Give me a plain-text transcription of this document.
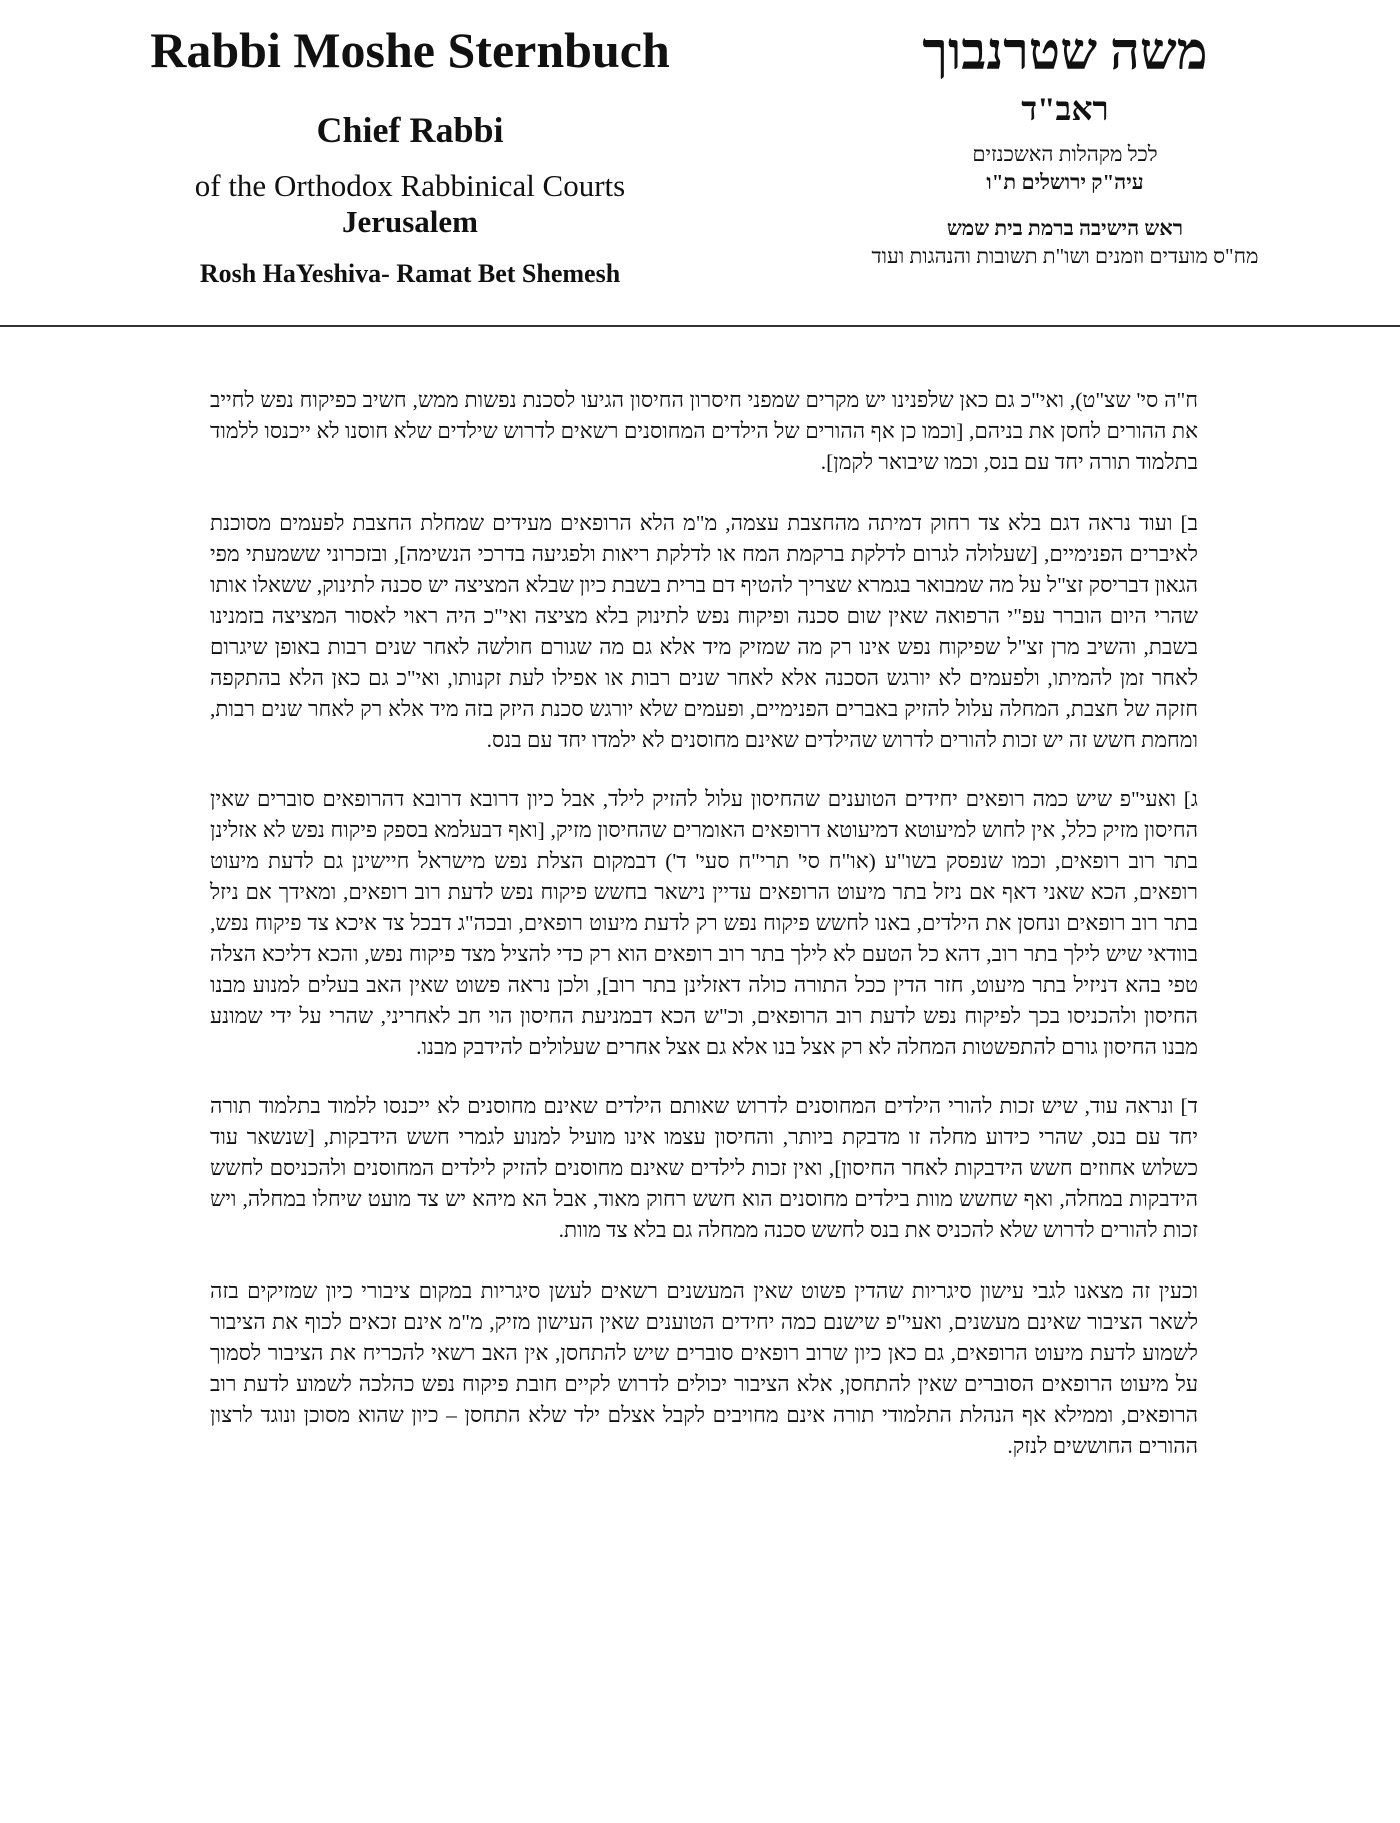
Rabbi Moshe Sternbuch
Chief Rabbi
of the Orthodox Rabbinical Courts
Jerusalem
Rosh HaYeshiva- Ramat Bet Shemesh
משה שטרנבוך
ראב"ד
לכל מקהלות האשכנזים
עיה"ק ירושלים ת"ו
ראש הישיבה ברמת בית שמש
מח"ס מועדים וזמנים ושו"ת תשובות והנהגות ועוד

ח"ה סי' שצ"ט), ואי"כ גם כאן שלפנינו יש מקרים שמפני חיסרון החיסון הגיעו לסכנת נפשות ממש, חשיב כפיקוח נפש לחייב את ההורים לחסן את בניהם, [וכמו כן אף ההורים של הילדים המחוסנים רשאים לדרוש שילדים שלא חוסנו לא ייכנסו ללמוד בתלמוד תורה יחד עם בנס, וכמו שיבואר לקמן].

ב] ועוד נראה דגם בלא צד רחוק דמיתה מהחצבת עצמה, מ"מ הלא הרופאים מעידים שמחלת החצבת לפעמים מסוכנת לאיברים הפנימיים, [שעלולה לגרום לדלקת ברקמת המח או לדלקת ריאות ולפגיעה בדרכי הנשימה], ובזכרוני ששמעתי מפי הגאון דבריסק זצ"ל על מה שמבואר בגמרא שצריך להטיף דם ברית בשבת כיון שבלא המציצה יש סכנה לתינוק, ששאלו אותו שהרי היום הוברר עפ"י הרפואה שאין שום סכנה ופיקוח נפש לתינוק בלא מציצה ואי"כ היה ראוי לאסור המציצה בזמנינו בשבת, והשיב מרן זצ"ל שפיקוח נפש אינו רק מה שמזיק מיד אלא גם מה שגורם חולשה לאחר שנים רבות באופן שיגרום לאחר זמן להמיתו, ולפעמים לא יורגש הסכנה אלא לאחר שנים רבות או אפילו לעת זקנותו, ואי"כ גם כאן הלא בהתקפה חזקה של חצבת, המחלה עלול להזיק באברים הפנימיים, ופעמים שלא יורגש סכנת היזק בזה מיד אלא רק לאחר שנים רבות, ומחמת חשש זה יש זכות להורים לדרוש שהילדים שאינם מחוסנים לא ילמדו יחד עם בנס.

ג] ואעי"פ שיש כמה רופאים יחידים הטוענים שהחיסון עלול להזיק לילד, אבל כיון דרובא דרובא דהרופאים סוברים שאין החיסון מזיק כלל, אין לחוש למיעוטא דמיעוטא דרופאים האומרים שהחיסון מזיק, [ואף דבעלמא בספק פיקוח נפש לא אזלינן בתר רוב רופאים, וכמו שנפסק בשו"ע (או"ח סי' תרי"ח סעי' ד') דבמקום הצלת נפש מישראל חיישינן גם לדעת מיעוט רופאים, הכא שאני דאף אם ניזל בתר מיעוט הרופאים עדיין נישאר בחשש פיקוח נפש לדעת רוב רופאים, ומאידך אם ניזל בתר רוב רופאים ונחסן את הילדים, באנו לחשש פיקוח נפש רק לדעת מיעוט רופאים, ובכה"ג דבכל צד איכא צד פיקוח נפש, בוודאי שיש לילך בתר רוב, דהא כל הטעם לא לילך בתר רוב רופאים הוא רק כדי להציל מצד פיקוח נפש, והכא דליכא הצלה טפי בהא דניזיל בתר מיעוט, חזר הדין ככל התורה כולה דאזלינן בתר רוב], ולכן נראה פשוט שאין האב בעלים למנוע מבנו החיסון ולהכניסו בכך לפיקוח נפש לדעת רוב הרופאים, וכ"ש הכא דבמניעת החיסון הוי חב לאחריני, שהרי על ידי שמונע מבנו החיסון גורם להתפשטות המחלה לא רק אצל בנו אלא גם אצל אחרים שעלולים להידבק מבנו.

ד] ונראה עוד, שיש זכות להורי הילדים המחוסנים לדרוש שאותם הילדים שאינם מחוסנים לא ייכנסו ללמוד בתלמוד תורה יחד עם בנס, שהרי כידוע מחלה זו מדבקת ביותר, והחיסון עצמו אינו מועיל למנוע לגמרי חשש הידבקות, [שנשאר עוד כשלוש אחוזים חשש הידבקות לאחר החיסון], ואין זכות לילדים שאינם מחוסנים להזיק לילדים המחוסנים ולהכניסם לחשש הידבקות במחלה, ואף שחשש מוות בילדים מחוסנים הוא חשש רחוק מאוד, אבל הא מיהא יש צד מועט שיחלו במחלה, ויש זכות להורים לדרוש שלא להכניס את בנס לחשש סכנה ממחלה גם בלא צד מוות.

וכעין זה מצאנו לגבי עישון סיגריות שהדין פשוט שאין המעשנים רשאים לעשן סיגריות במקום ציבורי כיון שמזיקים בזה לשאר הציבור שאינם מעשנים, ואעי"פ שישנם כמה יחידים הטוענים שאין העישון מזיק, מ"מ אינם זכאים לכוף את הציבור לשמוע לדעת מיעוט הרופאים, גם כאן כיון שרוב רופאים סוברים שיש להתחסן, אין האב רשאי להכריח את הציבור לסמוך על מיעוט הרופאים הסוברים שאין להתחסן, אלא הציבור יכולים לדרוש לקיים חובת פיקוח נפש כהלכה לשמוע לדעת רוב הרופאים, וממילא אף הנהלת התלמודי תורה אינם מחויבים לקבל אצלם ילד שלא התחסן – כיון שהוא מסוכן ונוגד לרצון ההורים החוששים לנזק.
